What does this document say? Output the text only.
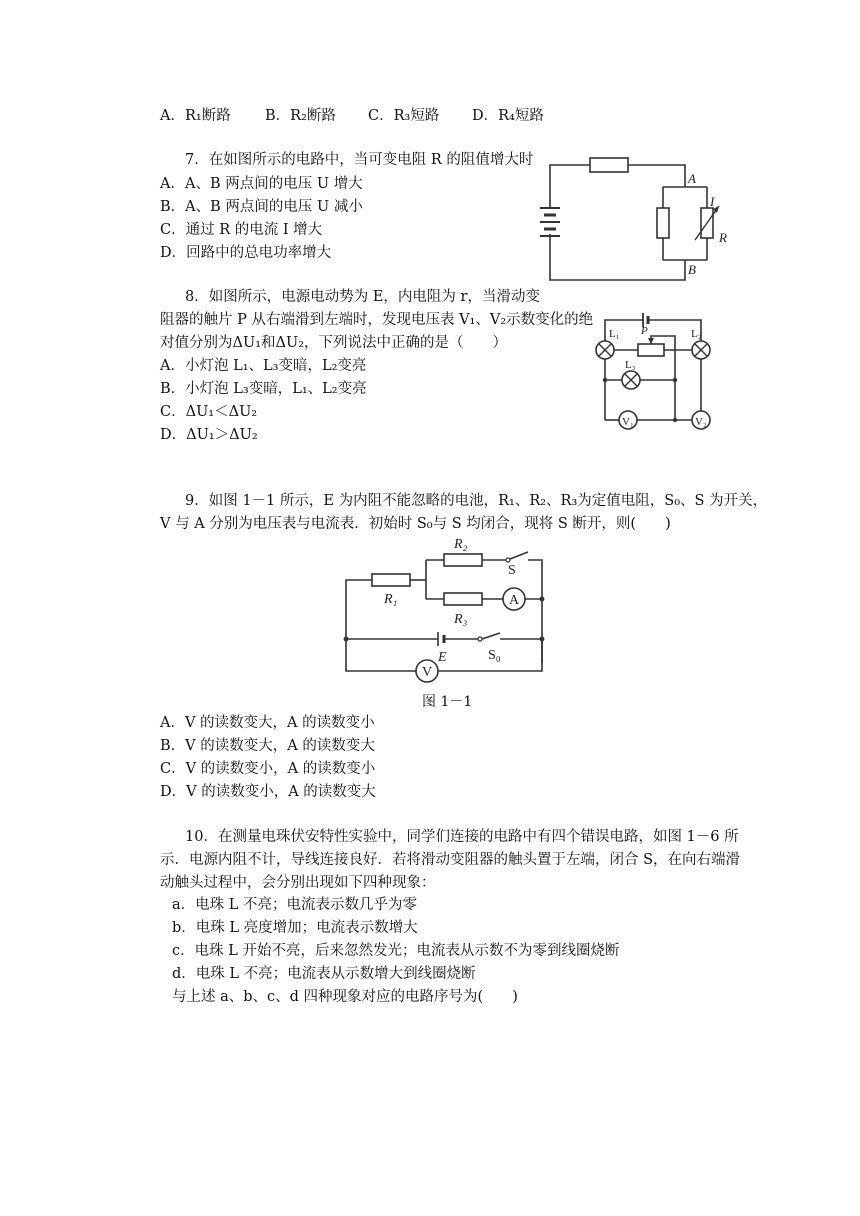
A．R₁断路 B．R₂断路 C．R₃短路 D．R₄短路
7．在如图所示的电路中，当可变电阻 R 的阻值增大时
A．A、B 两点间的电压 U 增大
B．A、B 两点间的电压 U 减小
C．通过 R 的电流 I 增大
D．回路中的总电功率增大
A
B
I
R
8．如图所示，电源电动势为 E，内电阻为 r，当滑动变
阻器的触片 P 从右端滑到左端时，发现电压表 V₁、V₂示数变化的绝
对值分别为ΔU₁和ΔU₂，下列说法中正确的是（　　）
A．小灯泡 L₁、L₃变暗，L₂变亮
B．小灯泡 L₃变暗，L₁、L₂变亮
C．ΔU₁＜ΔU₂
D．ΔU₁＞ΔU₂
V₁	V₂
L₁ P	L₂
L₃
9．如图 1－1 所示，E 为内阻不能忽略的电池，R₁、R₂、R₃为定值电阻，S₀、S 为开关，
V 与 A 分别为电压表与电流表．初始时 S₀与 S 均闭合，现将 S 断开，则(　　)
A
V
R₁
R₂
R₃
S
S₀
E
图 1－1
A．V 的读数变大，A 的读数变小
B．V 的读数变大，A 的读数变大
C．V 的读数变小，A 的读数变小
D．V 的读数变小，A 的读数变大
10．在测量电珠伏安特性实验中，同学们连接的电路中有四个错误电路，如图 1－6 所
示．电源内阻不计，导线连接良好．若将滑动变阻器的触头置于左端，闭合 S，在向右端滑
动触头过程中，会分别出现如下四种现象：
a．电珠 L 不亮；电流表示数几乎为零
b．电珠 L 亮度增加；电流表示数增大
c．电珠 L 开始不亮，后来忽然发光；电流表从示数不为零到线圈烧断
d．电珠 L 不亮；电流表从示数增大到线圈烧断
与上述 a、b、c、d 四种现象对应的电路序号为(　　)
